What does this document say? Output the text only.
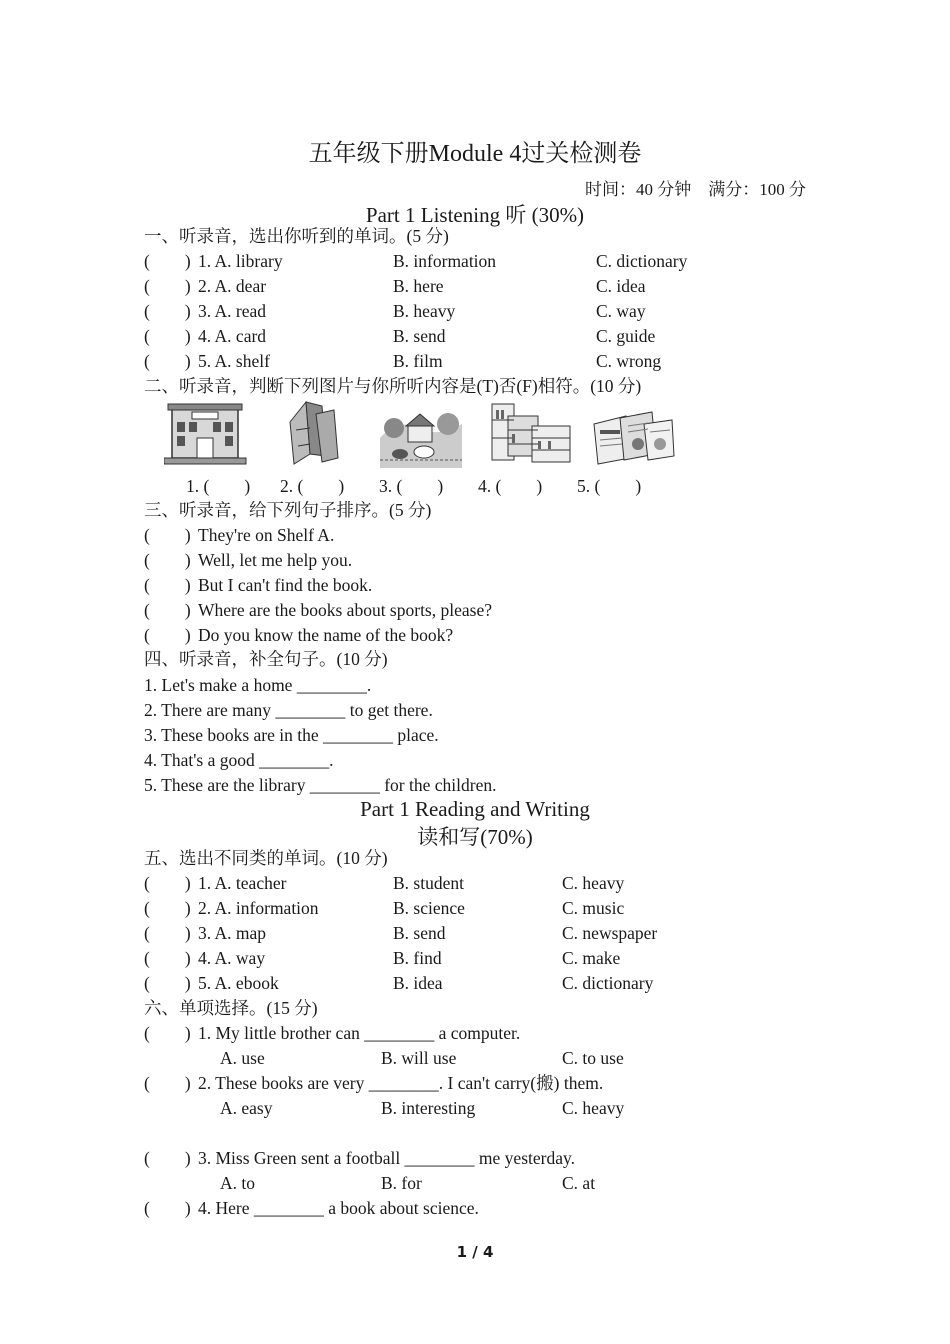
五年级下册Module 4过关检测卷
时间：40 分钟    满分：100 分
Part 1 Listening 听 (30%)
一、听录音，选出你听到的单词。(5 分)
(        ) 1. A. library	B. information	C. dictionary
(        ) 2. A. dear	B. here	C. idea
(        ) 3. A. read	B. heavy	C. way
(        ) 4. A. card	B. send	C. guide
(        ) 5. A. shelf	B. film	C. wrong
二、听录音，判断下列图片与你所听内容是(T)否(F)相符。(10 分)

1. (        )

2. (        )

3. (        )

4. (        )

5. (        )

三、听录音，给下列句子排序。(5 分)
(        ) They're on Shelf A.
(        ) Well, let me help you.
(        ) But I can't find the book.
(        ) Where are the books about sports, please?
(        ) Do you know the name of the book?
四、听录音，补全句子。(10 分)
1. Let's make a home ________.
2. There are many ________ to get there.
3. These books are in the ________ place.
4. That's a good ________.
5. These are the library ________ for the children.
Part 1 Reading and Writing
读和写(70%)
五、选出不同类的单词。(10 分)
(        ) 1. A. teacher	B. student	C. heavy
(        ) 2. A. information	B. science	C. music
(        ) 3. A. map	B. send	C. newspaper
(        ) 4. A. way	B. find	C. make
(        ) 5. A. ebook	B. idea	C. dictionary
六、单项选择。(15 分)
(        ) 1. My little brother can ________ a computer.
A. use	B. will use	C. to use
(        ) 2. These books are very ________. I can't carry(搬) them.
A. easy	B. interesting	C. heavy
(        ) 3. Miss Green sent a football ________ me yesterday.
A. to	B. for	C. at
(        ) 4. Here ________ a book about science.
1 / 4
